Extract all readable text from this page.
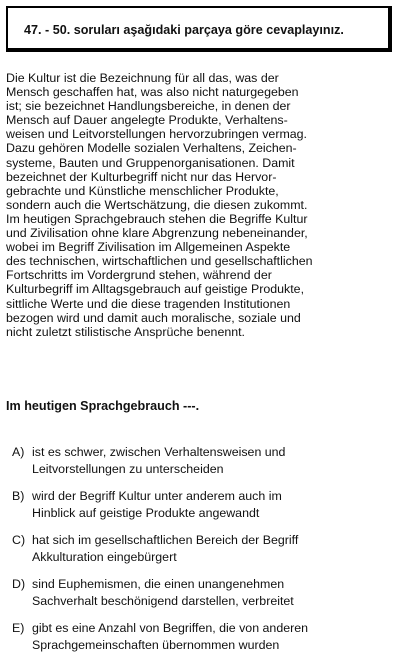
47. - 50. soruları aşağıdaki parçaya göre cevaplayınız.
Die Kultur ist die Bezeichnung für all das, was der
Mensch geschaffen hat, was also nicht naturgegeben
ist; sie bezeichnet Handlungsbereiche, in denen der
Mensch auf Dauer angelegte Produkte, Verhaltens-
weisen und Leitvorstellungen hervorzubringen vermag.
Dazu gehören Modelle sozialen Verhaltens, Zeichen-
systeme, Bauten und Gruppenorganisationen. Damit
bezeichnet der Kulturbegriff nicht nur das Hervor-
gebrachte und Künstliche menschlicher Produkte,
sondern auch die Wertschätzung, die diesen zukommt.
Im heutigen Sprachgebrauch stehen die Begriffe Kultur
und Zivilisation ohne klare Abgrenzung nebeneinander,
wobei im Begriff Zivilisation im Allgemeinen Aspekte
des technischen, wirtschaftlichen und gesellschaftlichen
Fortschritts im Vordergrund stehen, während der
Kulturbegriff im Alltagsgebrauch auf geistige Produkte,
sittliche Werte und die diese tragenden Institutionen
bezogen wird und damit auch moralische, soziale und
nicht zuletzt stilistische Ansprüche benennt.
Im heutigen Sprachgebrauch ---.
A) ist es schwer, zwischen Verhaltensweisen und
Leitvorstellungen zu unterscheiden
B) wird der Begriff Kultur unter anderem auch im
Hinblick auf geistige Produkte angewandt
C) hat sich im gesellschaftlichen Bereich der Begriff
Akkulturation eingebürgert
D) sind Euphemismen, die einen unangenehmen
Sachverhalt beschönigend darstellen, verbreitet
E) gibt es eine Anzahl von Begriffen, die von anderen
Sprachgemeinschaften übernommen wurden
